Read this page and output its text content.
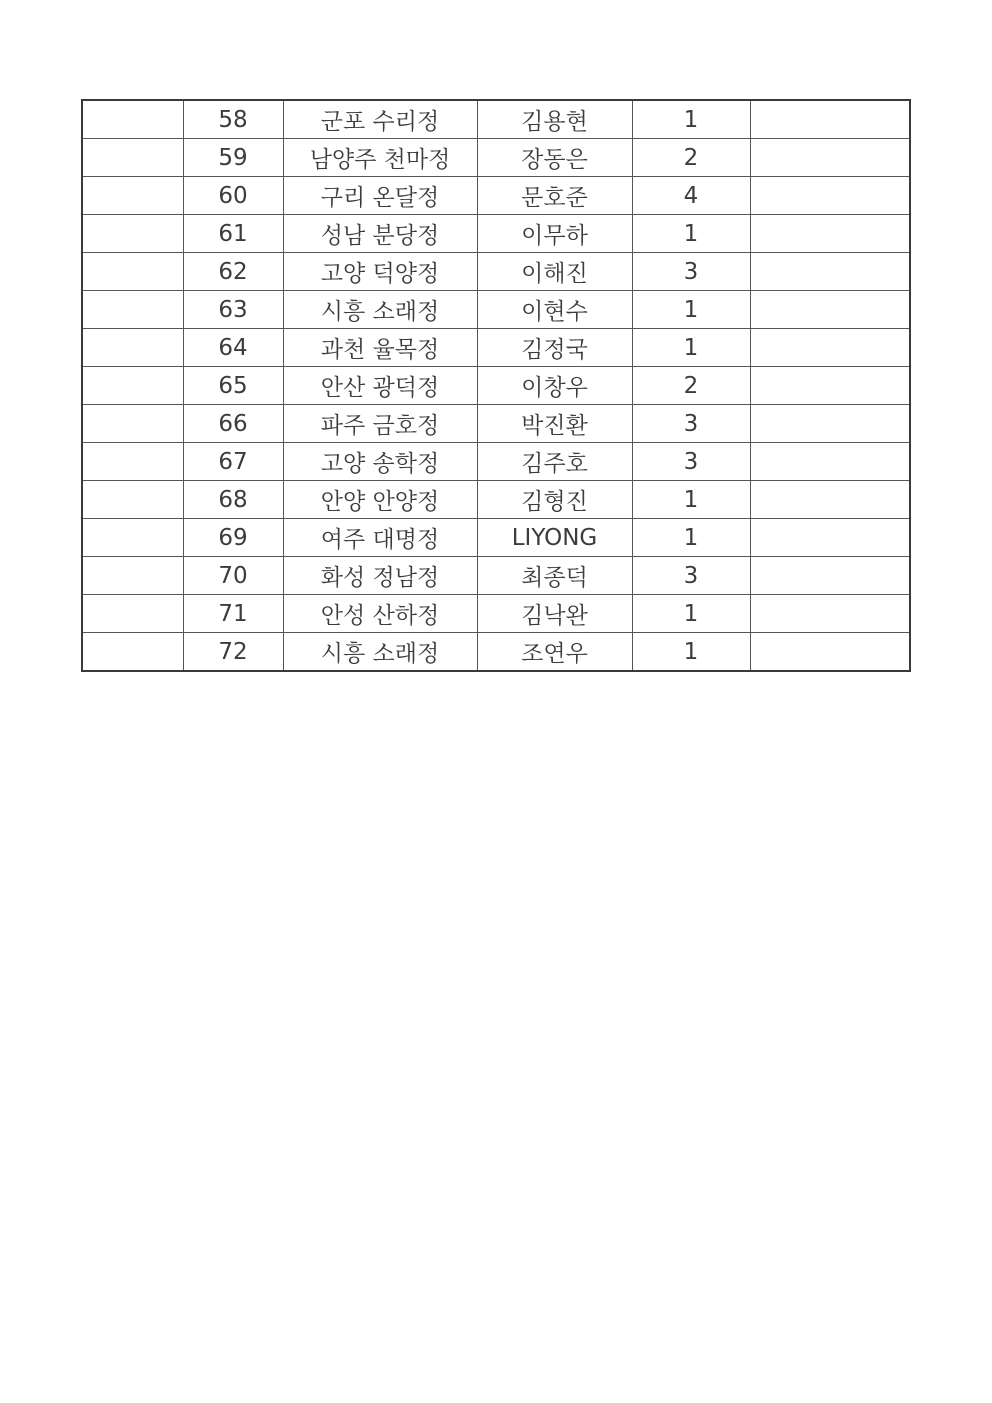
	58	군포 수리정	김용현	1	
	59	남양주 천마정	장동은	2	
	60	구리 온달정	문호준	4	
	61	성남 분당정	이무하	1	
	62	고양 덕양정	이해진	3	
	63	시흥 소래정	이현수	1	
	64	과천 율목정	김정국	1	
	65	안산 광덕정	이창우	2	
	66	파주 금호정	박진환	3	
	67	고양 송학정	김주호	3	
	68	안양 안양정	김형진	1	
	69	여주 대명정	LIYONG	1	
	70	화성 정남정	최종덕	3	
	71	안성 산하정	김낙완	1	
	72	시흥 소래정	조연우	1	
